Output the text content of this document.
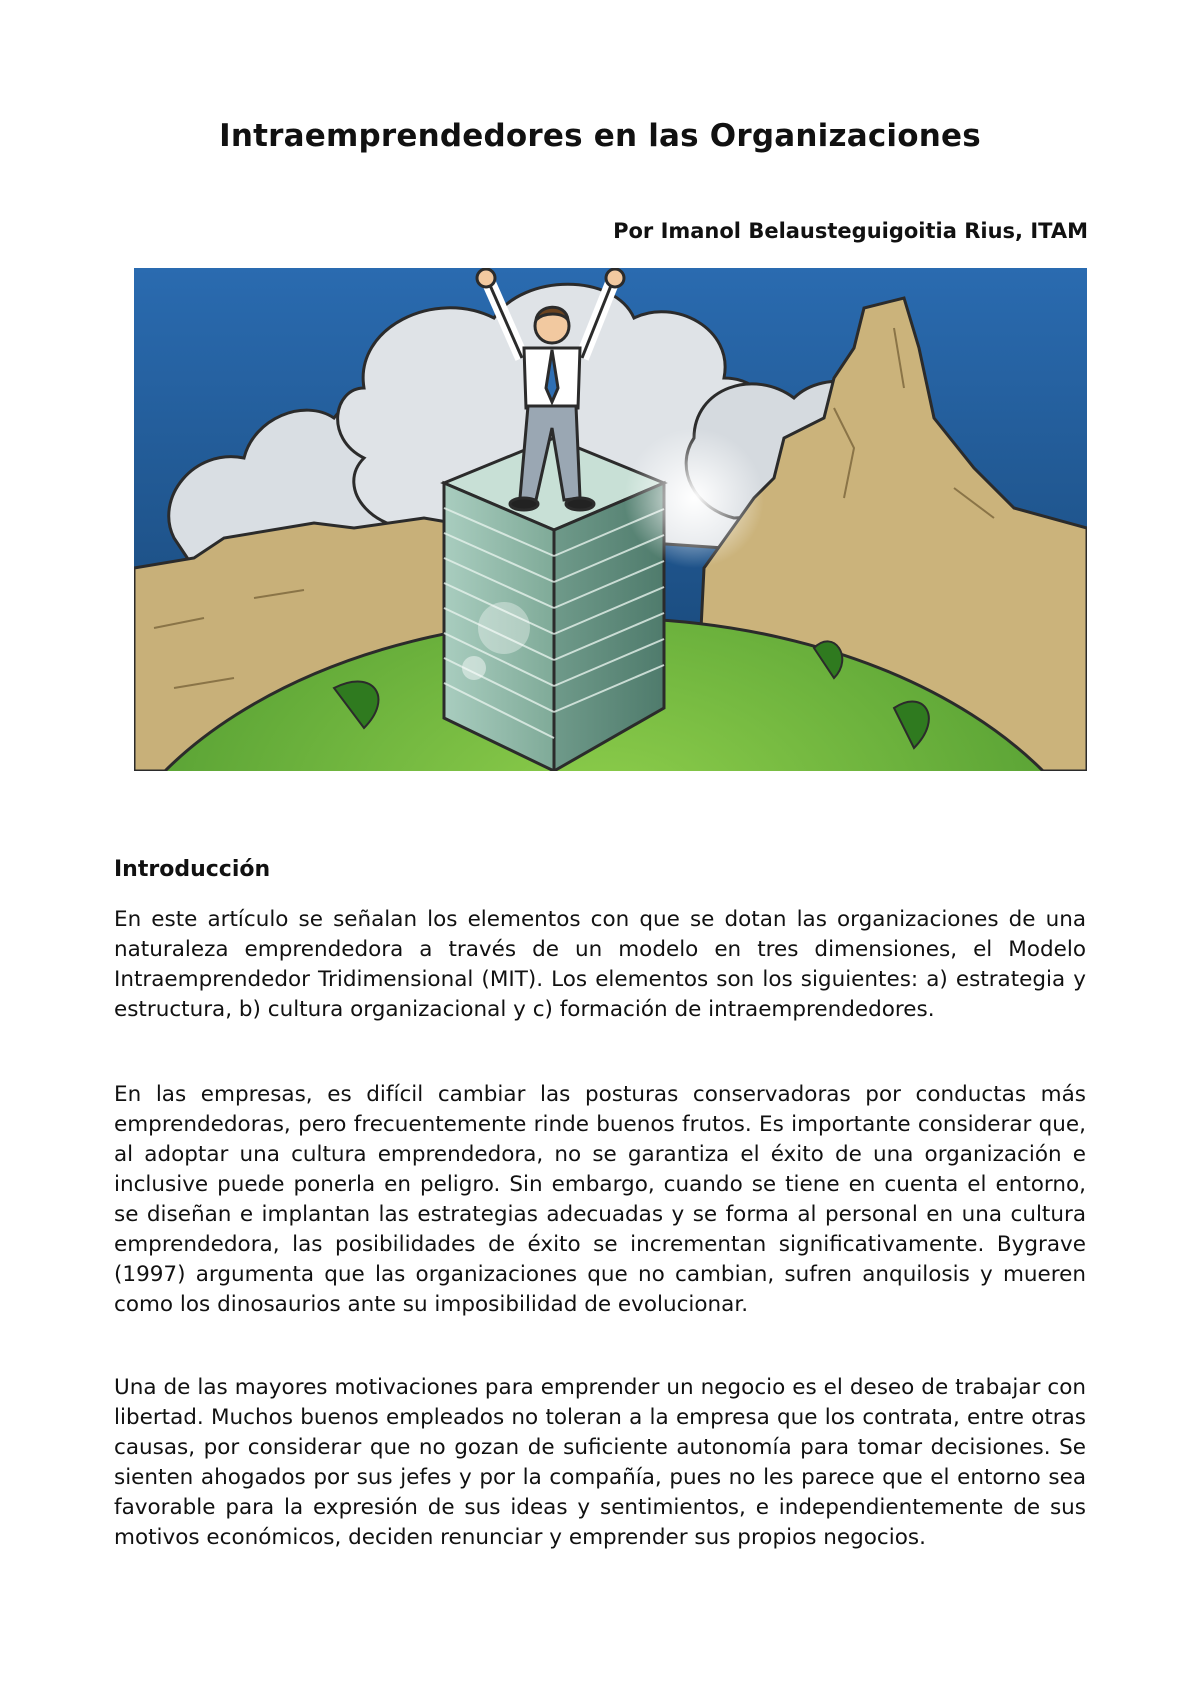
Intraemprendedores en las Organizaciones

Por Imanol Belausteguigoitia Rius, ITAM

Introducción

En este artículo se señalan los elementos con que se dotan las organizaciones de una naturaleza emprendedora a través de un modelo en tres dimensiones, el Modelo Intraemprendedor Tridimensional (MIT). Los elementos son los siguientes: a) estrategia y estructura, b) cultura organizacional y c) formación de intraemprendedores.

En las empresas, es difícil cambiar las posturas conservadoras por conductas más emprendedoras, pero frecuentemente rinde buenos frutos. Es importante considerar que, al adoptar una cultura emprendedora, no se garantiza el éxito de una organización e inclusive puede ponerla en peligro. Sin embargo, cuando se tiene en cuenta el entorno, se diseñan e implantan las estrategias adecuadas y se forma al personal en una cultura emprendedora, las posibilidades de éxito se incrementan significativamente. Bygrave (1997) argumenta que las organizaciones que no cambian, sufren anquilosis y mueren como los dinosaurios ante su imposibilidad de evolucionar.

Una de las mayores motivaciones para emprender un negocio es el deseo de trabajar con libertad. Muchos buenos empleados no toleran a la empresa que los contrata, entre otras causas, por considerar que no gozan de suficiente autonomía para tomar decisiones. Se sienten ahogados por sus jefes y por la compañía, pues no les parece que el entorno sea favorable para la expresión de sus ideas y sentimientos, e independientemente de sus motivos económicos, deciden renunciar y emprender sus propios negocios.
